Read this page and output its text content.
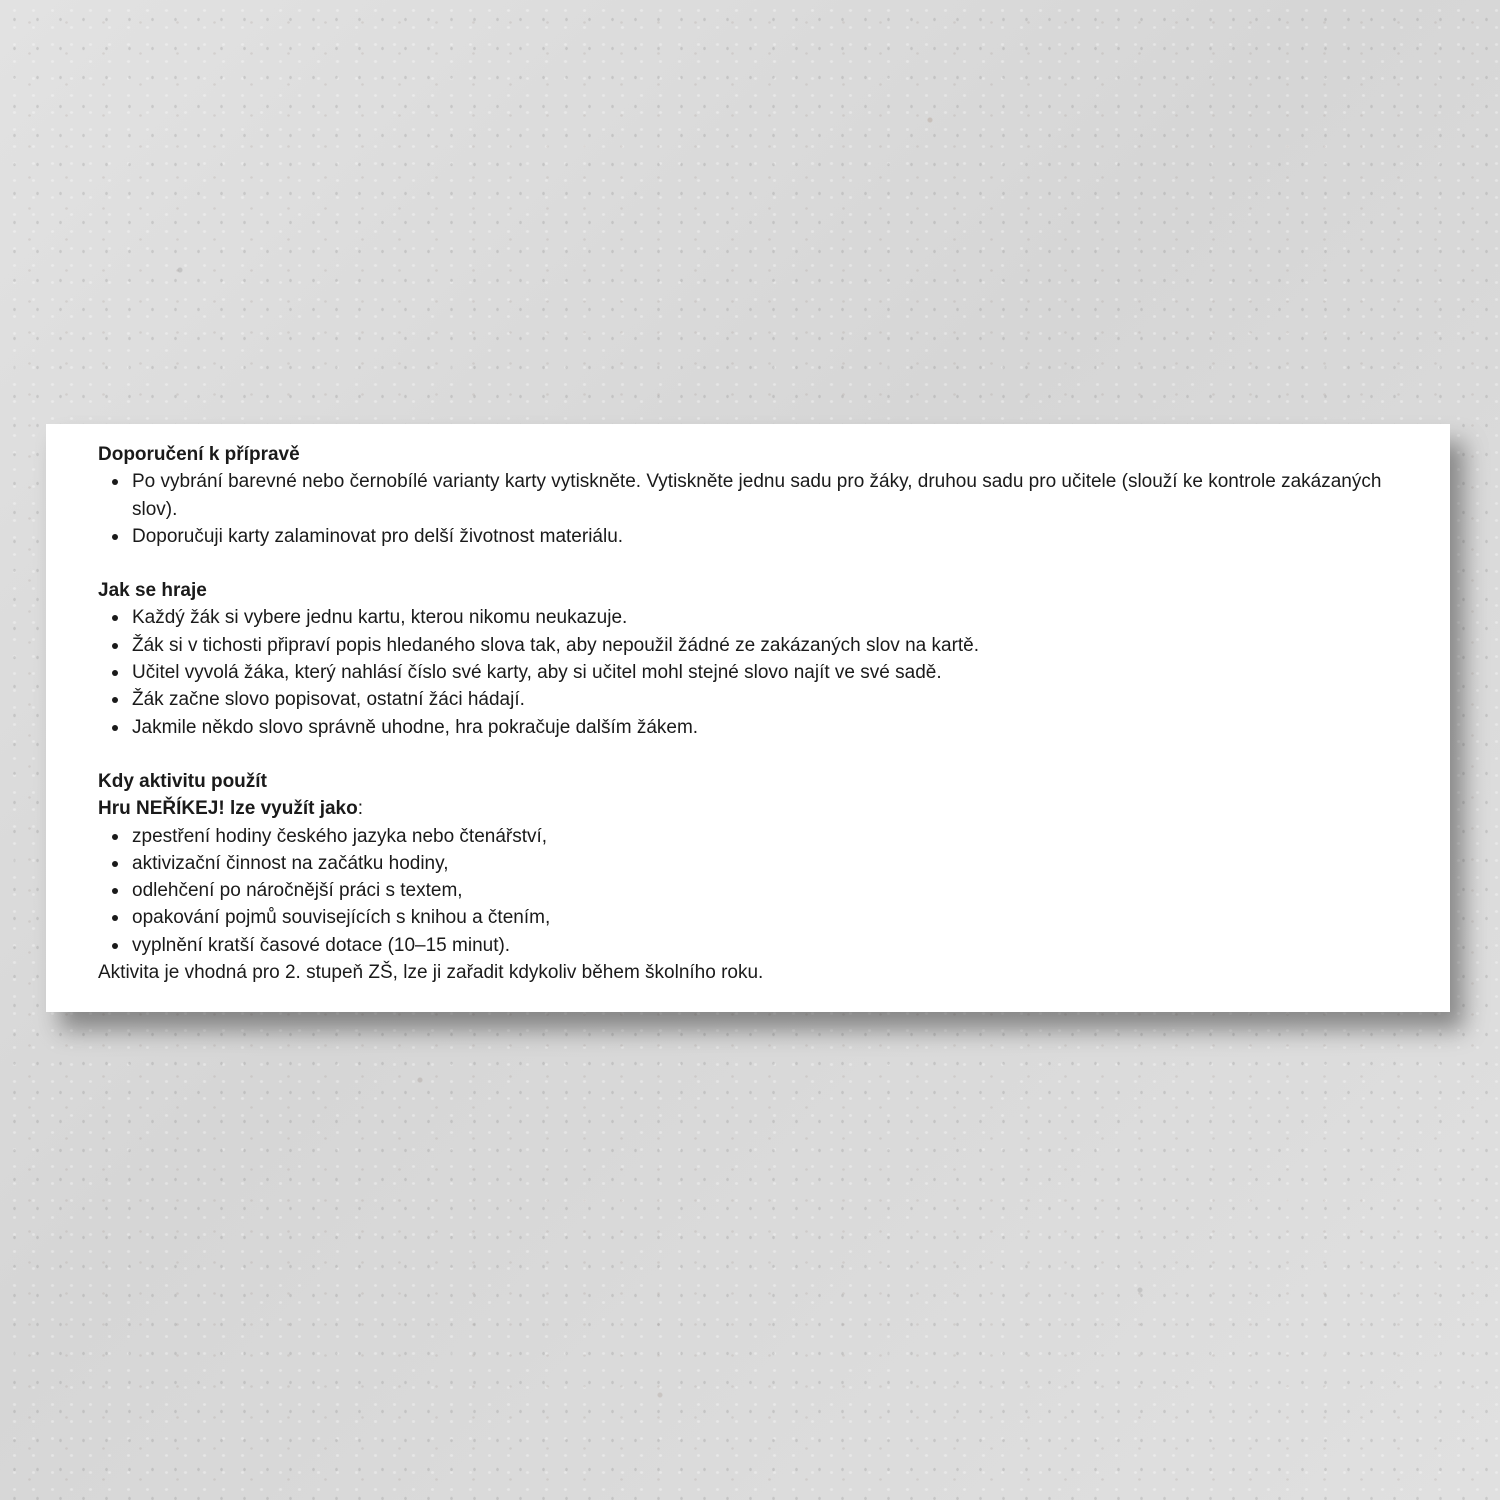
Doporučení k přípravě

Po vybrání barevné nebo černobílé varianty karty vytiskněte. Vytiskněte jednu sadu pro žáky, druhou sadu pro učitele (slouží ke kontrole zakázaných slov).
Doporučuji karty zalaminovat pro delší životnost materiálu.

Jak se hraje

Každý žák si vybere jednu kartu, kterou nikomu neukazuje.
Žák si v tichosti připraví popis hledaného slova tak, aby nepoužil žádné ze zakázaných slov na kartě.
Učitel vyvolá žáka, který nahlásí číslo své karty, aby si učitel mohl stejné slovo najít ve své sadě.
Žák začne slovo popisovat, ostatní žáci hádají.
Jakmile někdo slovo správně uhodne, hra pokračuje dalším žákem.

Kdy aktivitu použít

Hru NEŘÍKEJ! lze využít jako:

zpestření hodiny českého jazyka nebo čtenářství,
aktivizační činnost na začátku hodiny,
odlehčení po náročnější práci s textem,
opakování pojmů souvisejících s knihou a čtením,
vyplnění kratší časové dotace (10–15 minut).

Aktivita je vhodná pro 2. stupeň ZŠ, lze ji zařadit kdykoliv během školního roku.
